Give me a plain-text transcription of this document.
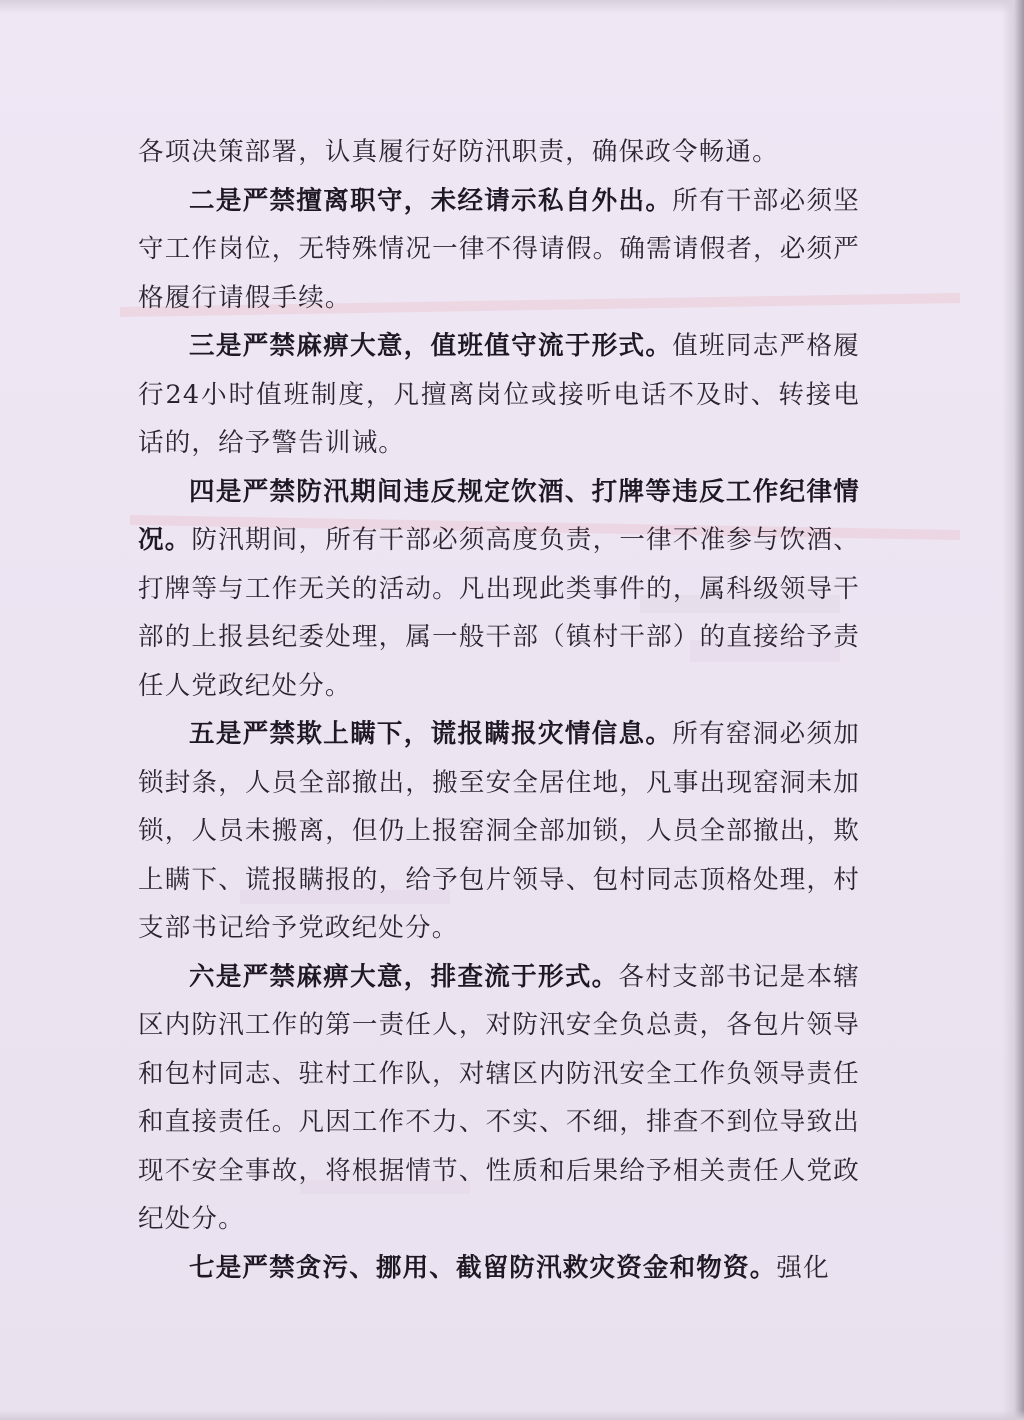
各项决策部署，认真履行好防汛职责，确保政令畅通。

二是严禁擅离职守，未经请示私自外出。所有干部必须坚守工作岗位，无特殊情况一律不得请假。确需请假者，必须严格履行请假手续。

三是严禁麻痹大意，值班值守流于形式。值班同志严格履行24小时值班制度，凡擅离岗位或接听电话不及时、转接电话的，给予警告训诫。

四是严禁防汛期间违反规定饮酒、打牌等违反工作纪律情况。防汛期间，所有干部必须高度负责，一律不准参与饮酒、打牌等与工作无关的活动。凡出现此类事件的，属科级领导干部的上报县纪委处理，属一般干部（镇村干部）的直接给予责任人党政纪处分。

五是严禁欺上瞒下，谎报瞒报灾情信息。所有窑洞必须加锁封条，人员全部撤出，搬至安全居住地，凡事出现窑洞未加锁，人员未搬离，但仍上报窑洞全部加锁，人员全部撤出，欺上瞒下、谎报瞒报的，给予包片领导、包村同志顶格处理，村支部书记给予党政纪处分。

六是严禁麻痹大意，排查流于形式。各村支部书记是本辖区内防汛工作的第一责任人，对防汛安全负总责，各包片领导和包村同志、驻村工作队，对辖区内防汛安全工作负领导责任和直接责任。凡因工作不力、不实、不细，排查不到位导致出现不安全事故，将根据情节、性质和后果给予相关责任人党政纪处分。

七是严禁贪污、挪用、截留防汛救灾资金和物资。强化
